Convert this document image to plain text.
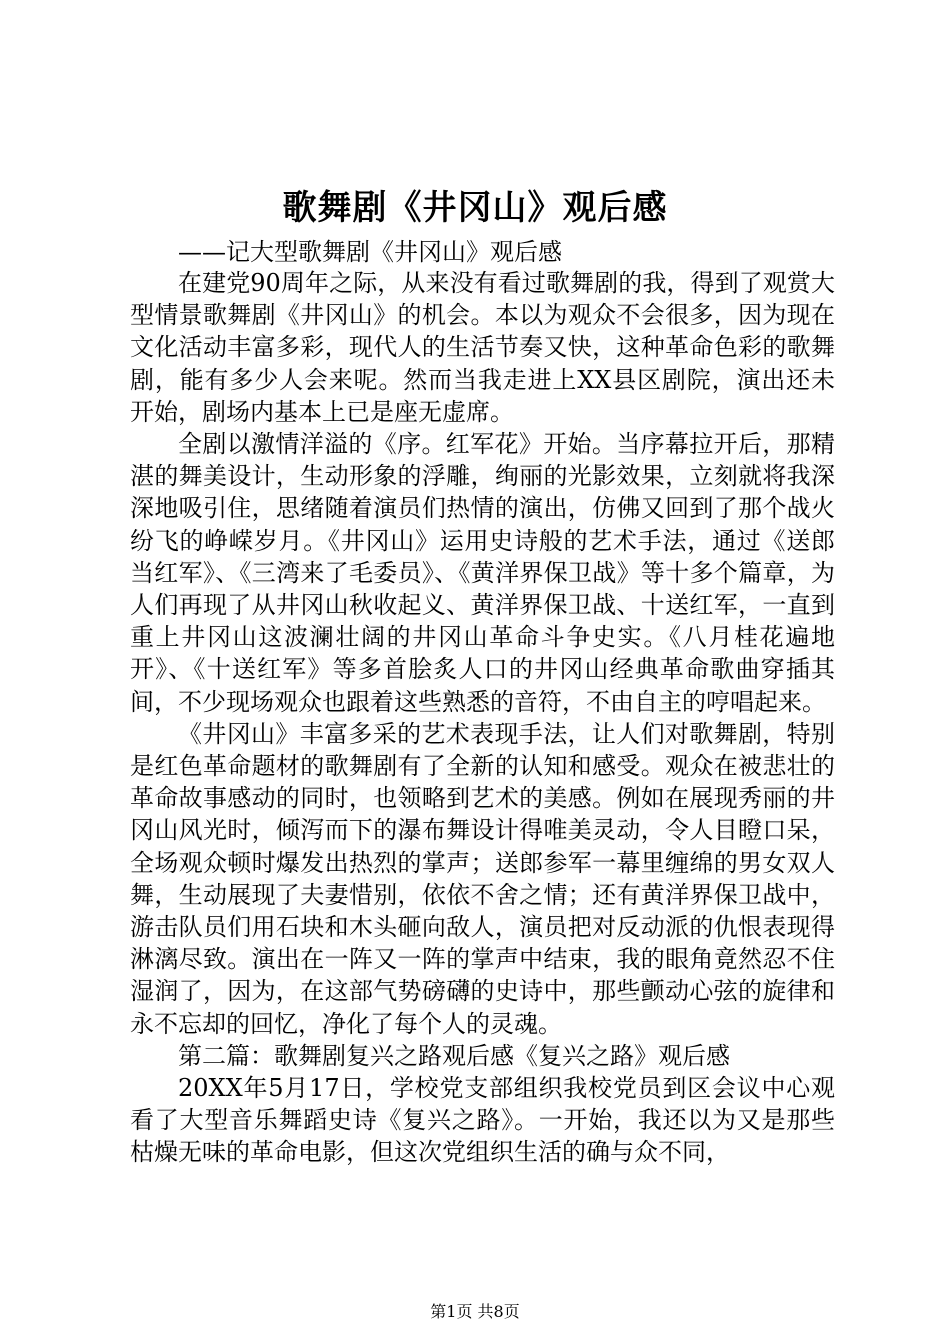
歌舞剧《井冈山》观后感
——记大型歌舞剧《井冈山》观后感

在建党90周年之际，从来没有看过歌舞剧的我，得到了观赏大型情景歌舞剧《井冈山》的机会。本以为观众不会很多，因为现在文化活动丰富多彩，现代人的生活节奏又快，这种革命色彩的歌舞剧，能有多少人会来呢。然而当我走进上XX县区剧院，演出还未开始，剧场内基本上已是座无虚席。

全剧以激情洋溢的《序。红军花》开始。当序幕拉开后，那精湛的舞美设计，生动形象的浮雕，绚丽的光影效果，立刻就将我深深地吸引住，思绪随着演员们热情的演出，仿佛又回到了那个战火纷飞的峥嵘岁月。《井冈山》运用史诗般的艺术手法，通过《送郎当红军》、《三湾来了毛委员》、《黄洋界保卫战》等十多个篇章，为人们再现了从井冈山秋收起义、黄洋界保卫战、十送红军，一直到重上井冈山这波澜壮阔的井冈山革命斗争史实。《八月桂花遍地开》、《十送红军》等多首脍炙人口的井冈山经典革命歌曲穿插其间，不少现场观众也跟着这些熟悉的音符，不由自主的哼唱起来。

《井冈山》丰富多采的艺术表现手法，让人们对歌舞剧，特别是红色革命题材的歌舞剧有了全新的认知和感受。观众在被悲壮的革命故事感动的同时，也领略到艺术的美感。例如在展现秀丽的井冈山风光时，倾泻而下的瀑布舞设计得唯美灵动，令人目瞪口呆，全场观众顿时爆发出热烈的掌声；送郎参军一幕里缠绵的男女双人舞，生动展现了夫妻惜别，依依不舍之情；还有黄洋界保卫战中，游击队员们用石块和木头砸向敌人，演员把对反动派的仇恨表现得淋漓尽致。演出在一阵又一阵的掌声中结束，我的眼角竟然忍不住湿润了，因为，在这部气势磅礴的史诗中，那些颤动心弦的旋律和永不忘却的回忆，净化了每个人的灵魂。

第二篇：歌舞剧复兴之路观后感《复兴之路》观后感

20XX年5月17日，学校党支部组织我校党员到区会议中心观看了大型音乐舞蹈史诗《复兴之路》。一开始，我还以为又是那些枯燥无味的革命电影，但这次党组织生活的确与众不同，

第1页 共8页
